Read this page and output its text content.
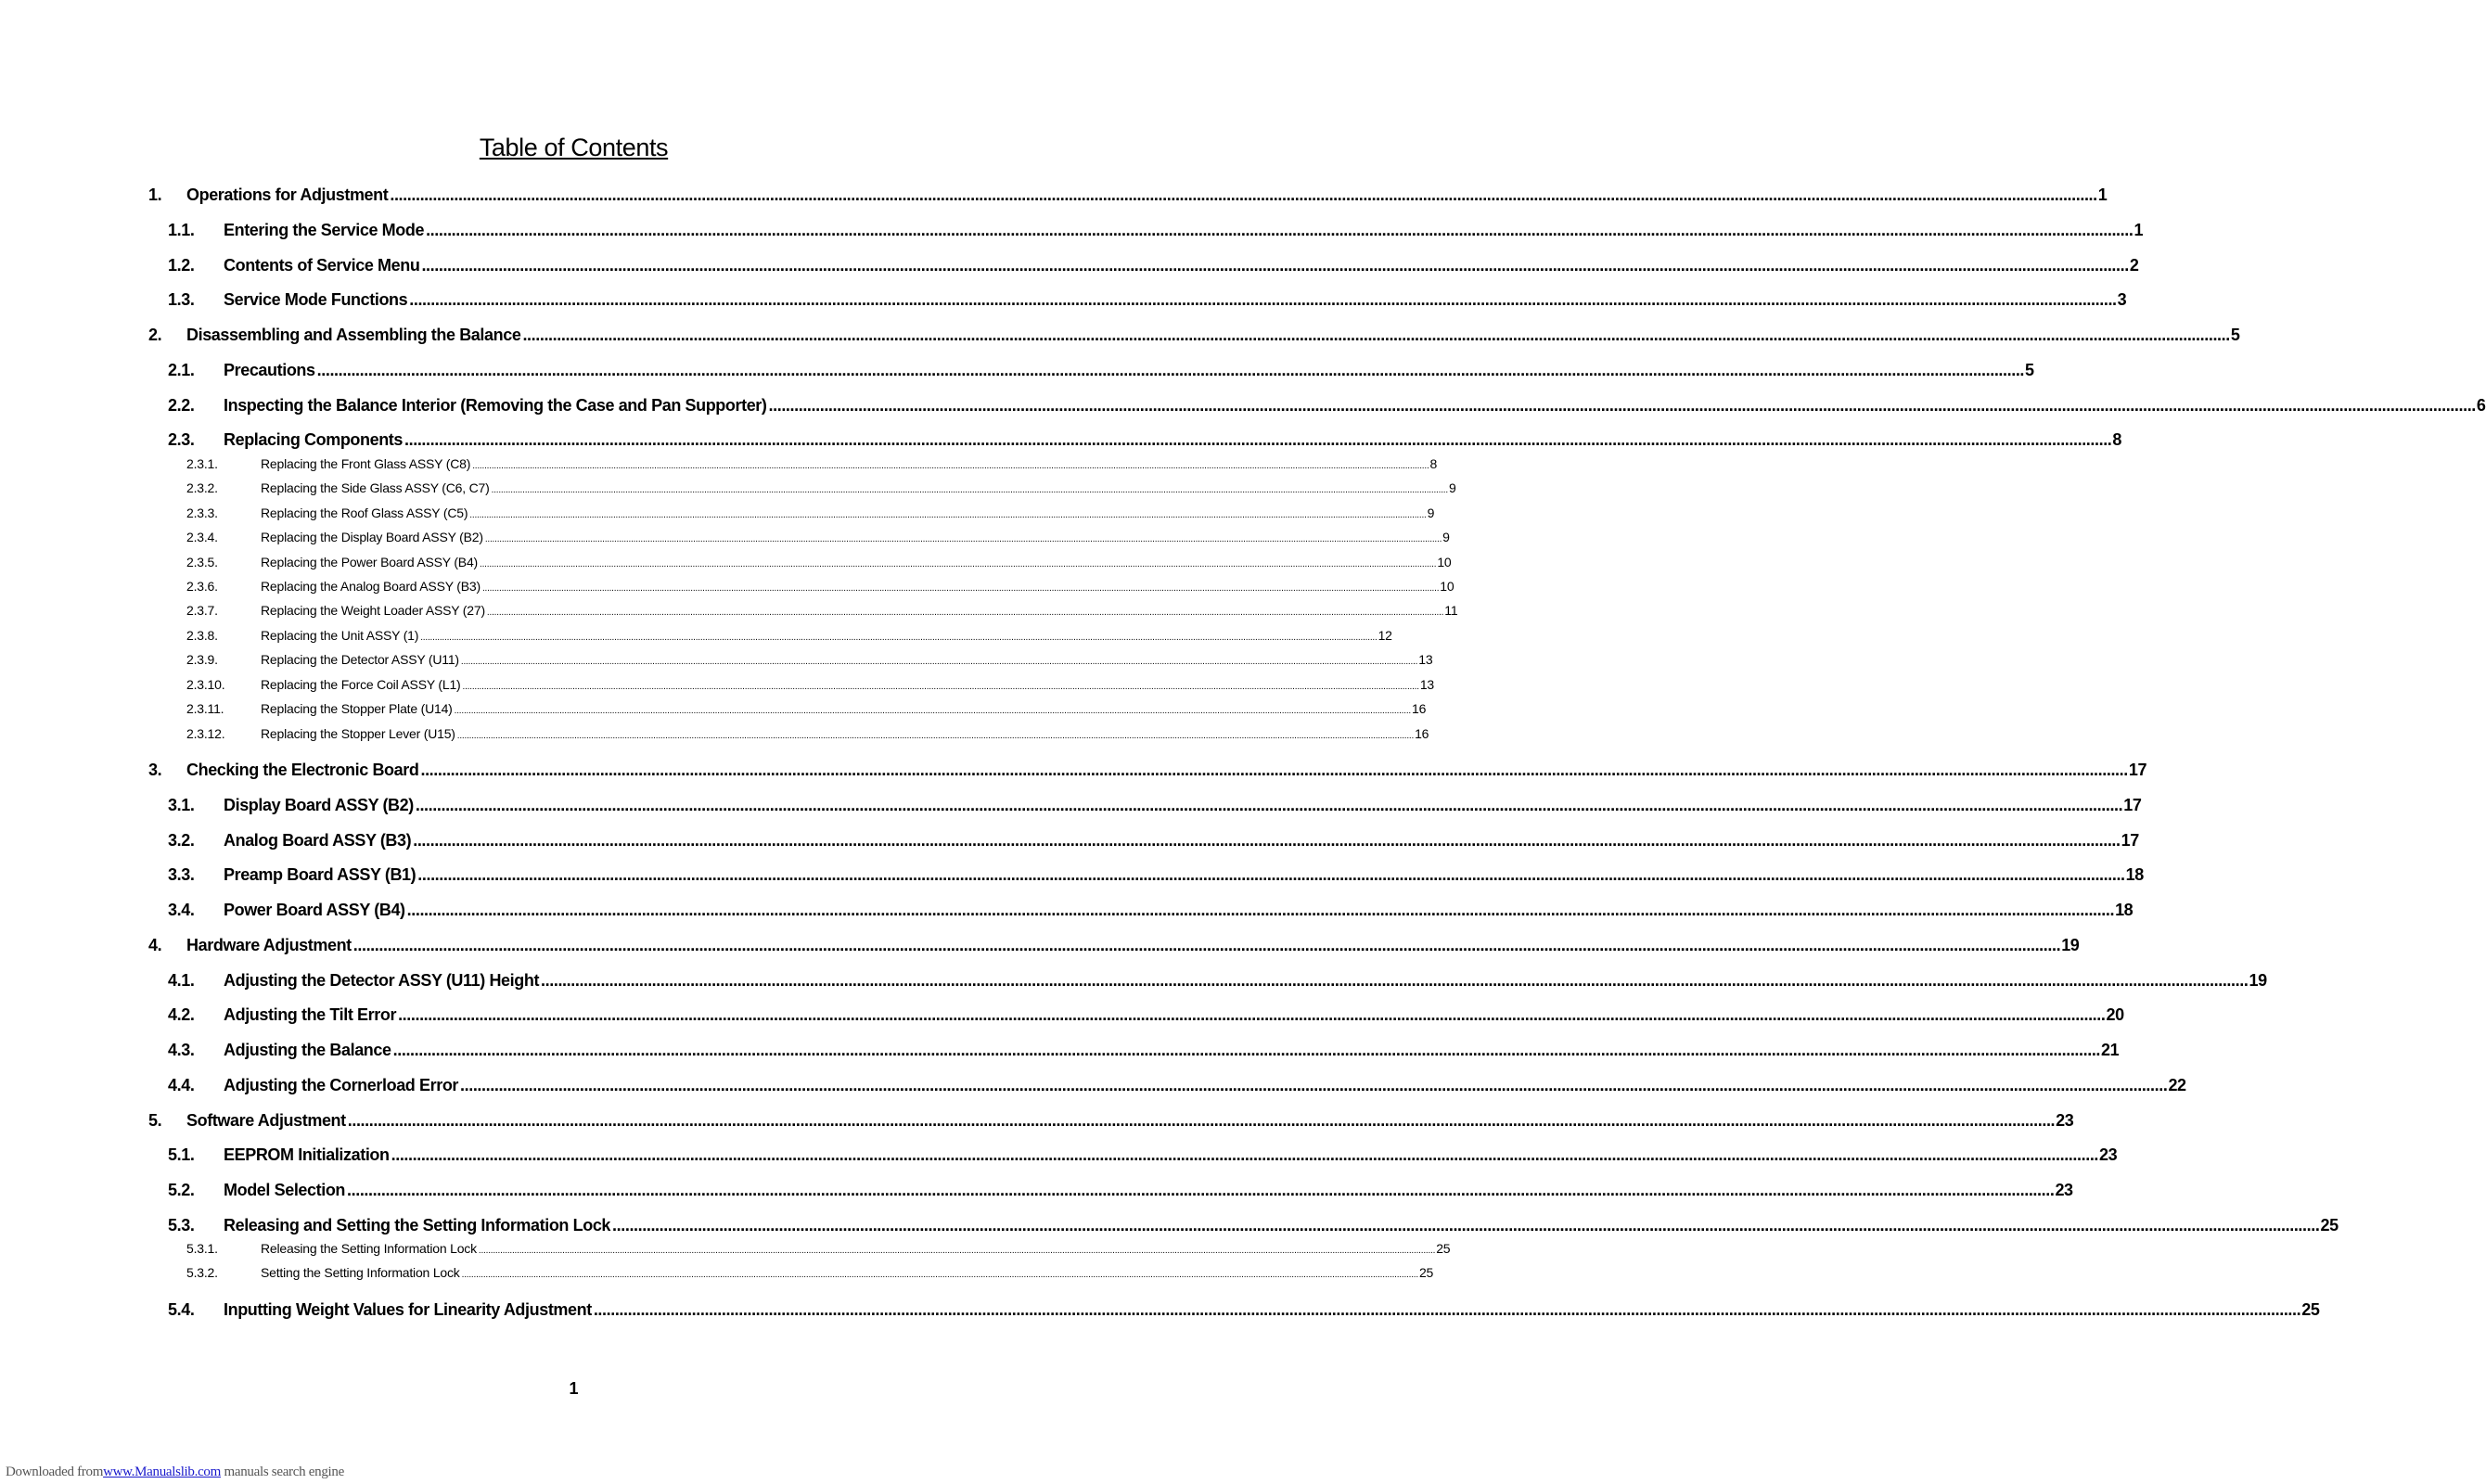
Table of Contents
1.	Operations for Adjustment ................................................................................................................................................................................................................................................................................................................................................................................................................ 1
1.1.	Entering the Service Mode ................................................................................................................................................................................................................................................................................................................................................................................................................ 1
1.2.	Contents of Service Menu ................................................................................................................................................................................................................................................................................................................................................................................................................ 2
1.3.	Service Mode Functions ................................................................................................................................................................................................................................................................................................................................................................................................................ 3
2.	Disassembling and Assembling the Balance ................................................................................................................................................................................................................................................................................................................................................................................................................ 5
2.1.	Precautions ................................................................................................................................................................................................................................................................................................................................................................................................................ 5
2.2.	Inspecting the Balance Interior (Removing the Case and Pan Supporter) ................................................................................................................................................................................................................................................................................................................................................................................................................ 6
2.3.	Replacing Components ................................................................................................................................................................................................................................................................................................................................................................................................................ 8
2.3.1.	Replacing the Front Glass ASSY (C8) ................................................................................................................................................................................................................................................................................................................................................................................................................ 8
2.3.2.	Replacing the Side Glass ASSY (C6, C7) ................................................................................................................................................................................................................................................................................................................................................................................................................ 9
2.3.3.	Replacing the Roof Glass ASSY (C5) ................................................................................................................................................................................................................................................................................................................................................................................................................ 9
2.3.4.	Replacing the Display Board ASSY (B2) ................................................................................................................................................................................................................................................................................................................................................................................................................ 9
2.3.5.	Replacing the Power Board ASSY (B4) ................................................................................................................................................................................................................................................................................................................................................................................................................ 10
2.3.6.	Replacing the Analog Board ASSY (B3) ................................................................................................................................................................................................................................................................................................................................................................................................................ 10
2.3.7.	Replacing the Weight Loader ASSY (27) ................................................................................................................................................................................................................................................................................................................................................................................................................ 11
2.3.8.	Replacing the Unit ASSY (1) ................................................................................................................................................................................................................................................................................................................................................................................................................ 12
2.3.9.	Replacing the Detector ASSY (U11) ................................................................................................................................................................................................................................................................................................................................................................................................................ 13
2.3.10.	Replacing the Force Coil ASSY (L1) ................................................................................................................................................................................................................................................................................................................................................................................................................ 13
2.3.11.	Replacing the Stopper Plate (U14) ................................................................................................................................................................................................................................................................................................................................................................................................................ 16
2.3.12.	Replacing the Stopper Lever (U15) ................................................................................................................................................................................................................................................................................................................................................................................................................ 16
3.	Checking the Electronic Board ................................................................................................................................................................................................................................................................................................................................................................................................................ 17
3.1.	Display Board ASSY (B2) ................................................................................................................................................................................................................................................................................................................................................................................................................ 17
3.2.	Analog Board ASSY (B3) ................................................................................................................................................................................................................................................................................................................................................................................................................ 17
3.3.	Preamp Board ASSY (B1) ................................................................................................................................................................................................................................................................................................................................................................................................................ 18
3.4.	Power Board ASSY (B4) ................................................................................................................................................................................................................................................................................................................................................................................................................ 18
4.	Hardware Adjustment ................................................................................................................................................................................................................................................................................................................................................................................................................ 19
4.1.	Adjusting the Detector ASSY (U11) Height ................................................................................................................................................................................................................................................................................................................................................................................................................ 19
4.2.	Adjusting the Tilt Error ................................................................................................................................................................................................................................................................................................................................................................................................................ 20
4.3.	Adjusting the Balance ................................................................................................................................................................................................................................................................................................................................................................................................................ 21
4.4.	Adjusting the Cornerload Error ................................................................................................................................................................................................................................................................................................................................................................................................................ 22
5.	Software Adjustment ................................................................................................................................................................................................................................................................................................................................................................................................................ 23
5.1.	EEPROM Initialization ................................................................................................................................................................................................................................................................................................................................................................................................................ 23
5.2.	Model Selection ................................................................................................................................................................................................................................................................................................................................................................................................................ 23
5.3.	Releasing and Setting the Setting Information Lock ................................................................................................................................................................................................................................................................................................................................................................................................................ 25
5.3.1.	Releasing the Setting Information Lock ................................................................................................................................................................................................................................................................................................................................................................................................................ 25
5.3.2.	Setting the Setting Information Lock ................................................................................................................................................................................................................................................................................................................................................................................................................ 25
5.4.	Inputting Weight Values for Linearity Adjustment ................................................................................................................................................................................................................................................................................................................................................................................................................ 25
1
Downloaded fromwww.Manualslib.com manuals search engine
